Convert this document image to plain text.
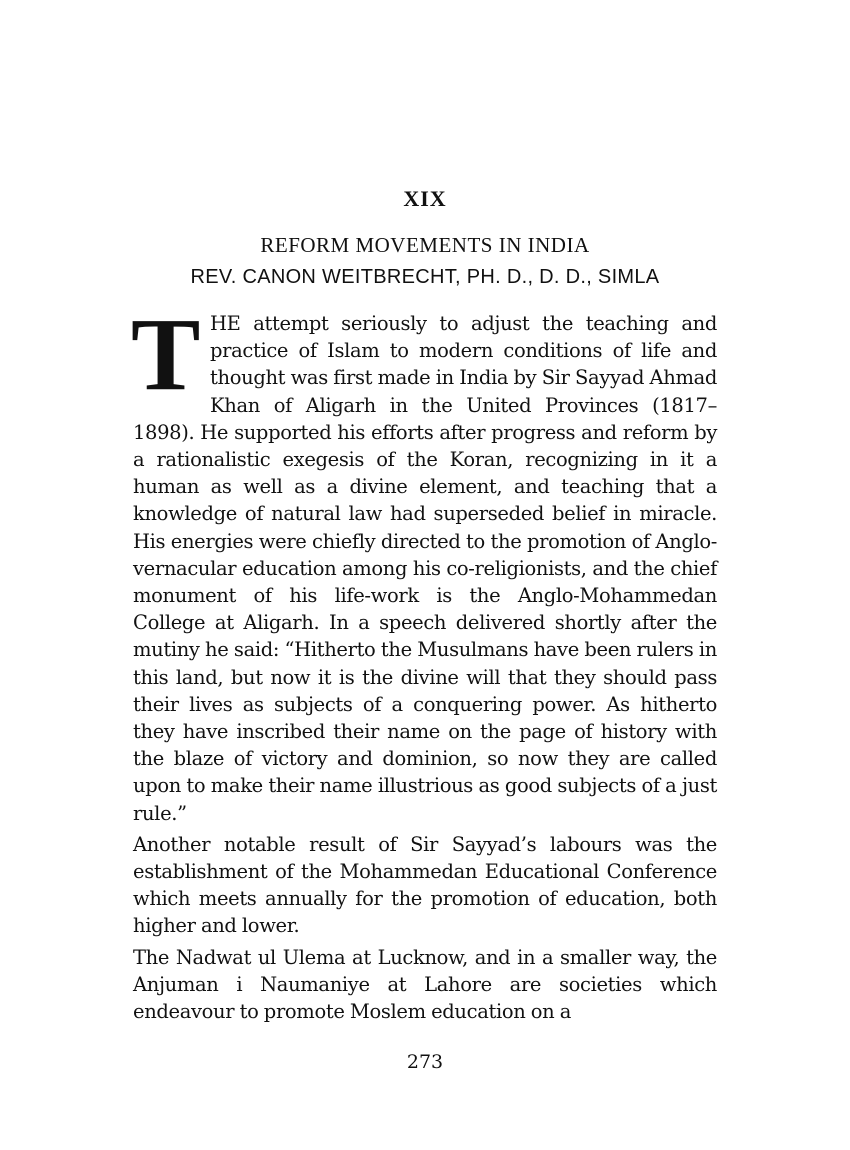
XIX
REFORM MOVEMENTS IN INDIA
REV. CANON WEITBRECHT, PH. D., D. D., SIMLA

THE attempt seriously to adjust the teaching and practice of Islam to modern conditions of life and thought was first made in India by Sir Sayyad Ahmad Khan of Aligarh in the United Provinces (1817–1898). He supported his efforts after progress and reform by a rationalistic exegesis of the Koran, recognizing in it a human as well as a divine element, and teaching that a knowledge of natural law had superseded belief in miracle. His energies were chiefly directed to the promotion of Anglo-vernacular education among his co-religionists, and the chief monument of his life-work is the Anglo-Mohammedan College at Aligarh. In a speech delivered shortly after the mutiny he said: “Hitherto the Musulmans have been rulers in this land, but now it is the divine will that they should pass their lives as subjects of a conquering power. As hitherto they have inscribed their name on the page of history with the blaze of victory and dominion, so now they are called upon to make their name illustrious as good subjects of a just rule.”

Another notable result of Sir Sayyad’s labours was the establishment of the Mohammedan Educational Conference which meets annually for the promotion of education, both higher and lower.

The Nadwat ul Ulema at Lucknow, and in a smaller way, the Anjuman i Naumaniye at Lahore are societies which endeavour to promote Moslem education on a

273
